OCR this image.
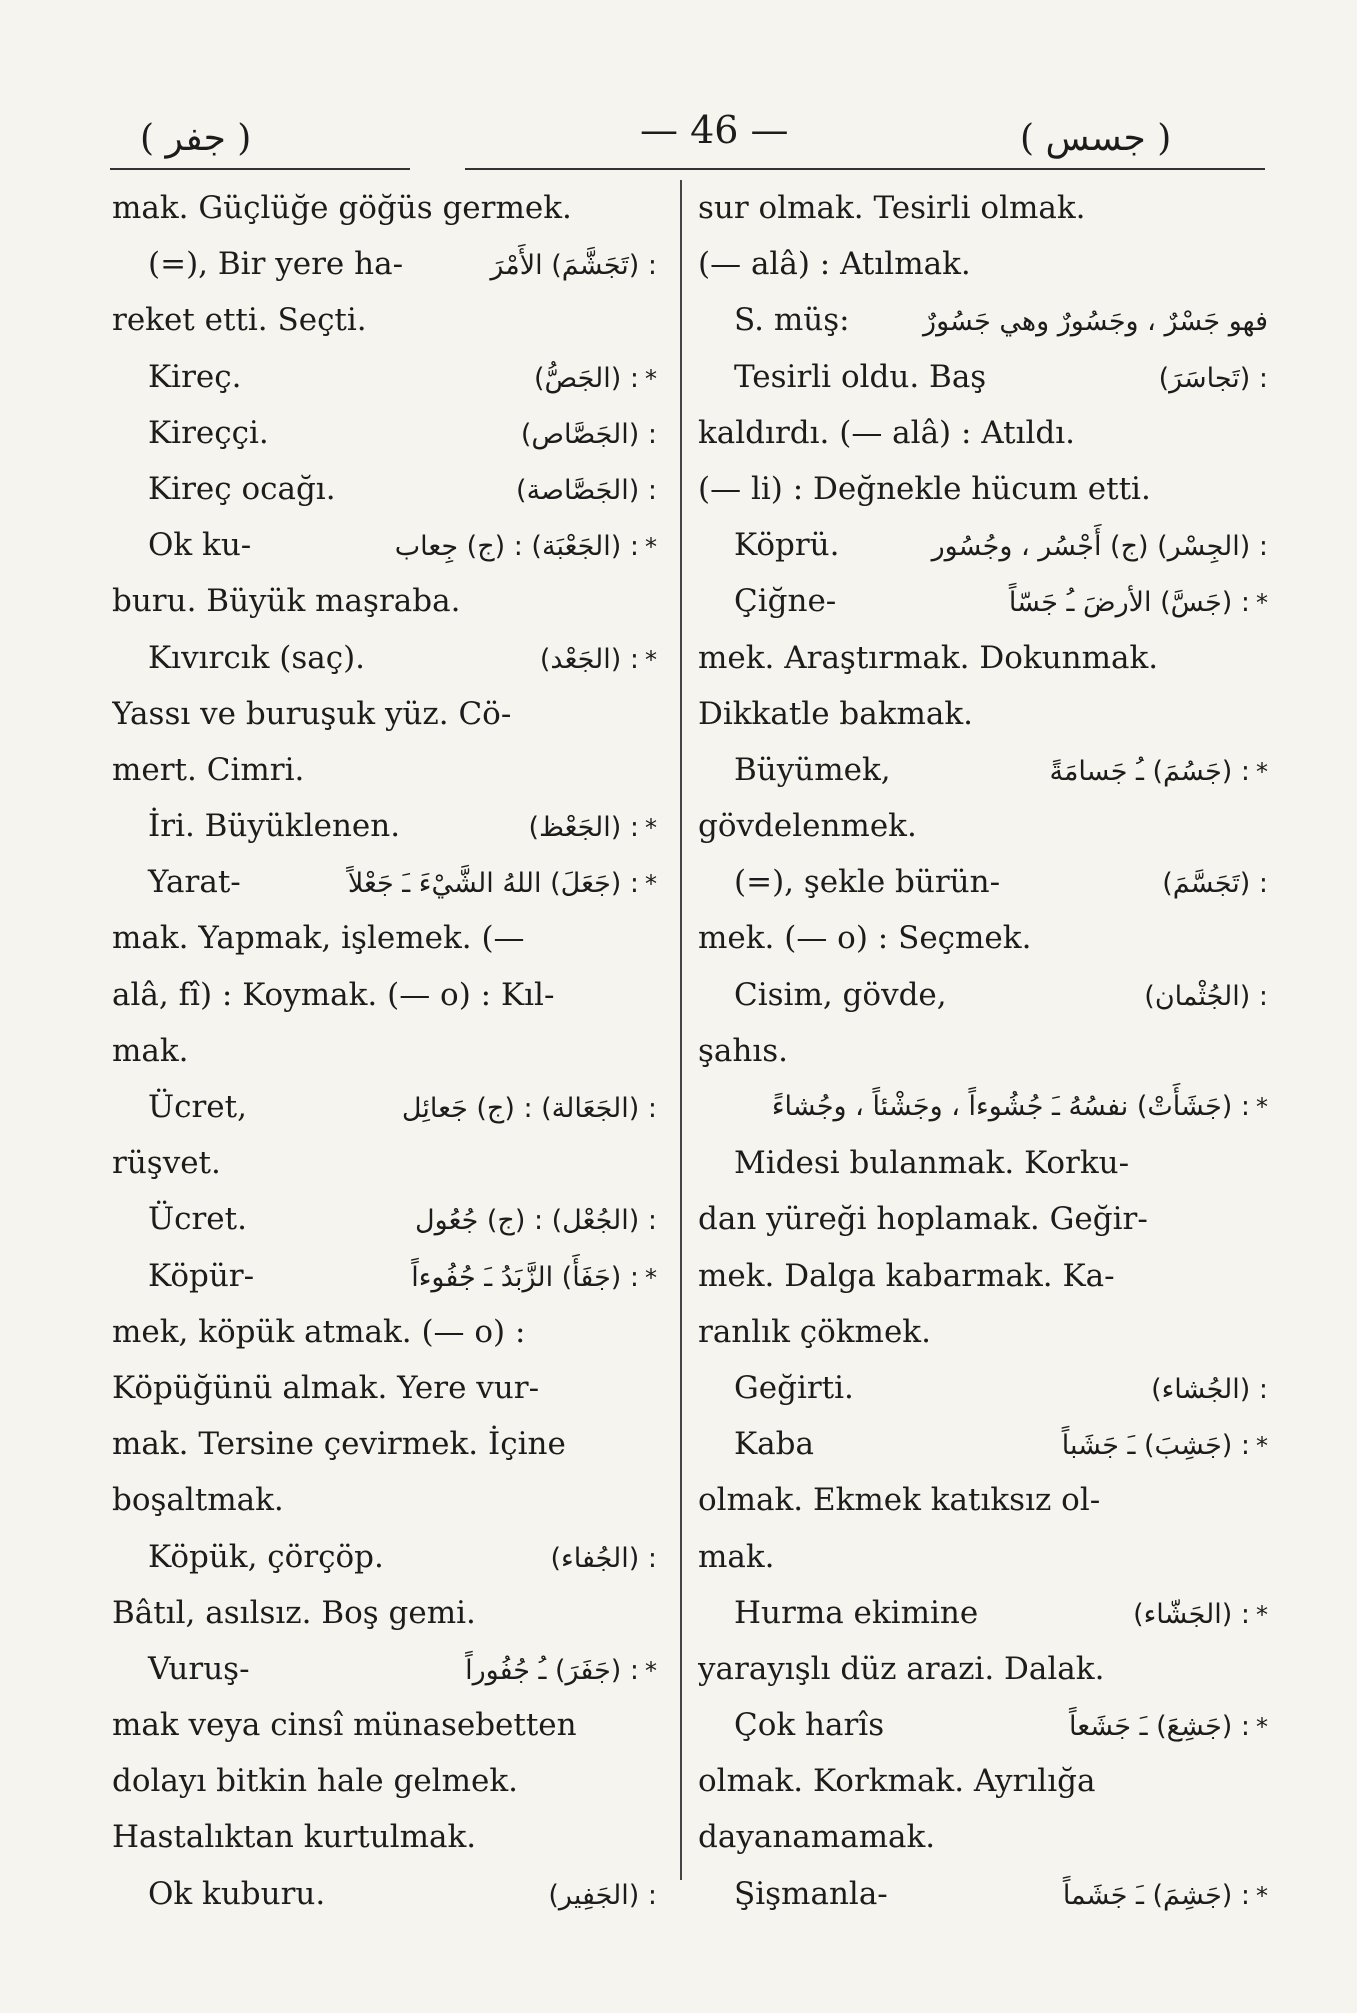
( جفر )	— 46 —	( جسس )
mak. Güçlüğe göğüs germek.
(=), Bir yere ha-	: (تَجَشَّمَ) الأَمْرَ
reket etti. Seçti.
Kireç.	: (الجَصُّ) *
Kireççi.	: (الجَصَّاص)
Kireç ocağı.	: (الجَصَّاصة)
Ok ku-	: (الجَعْبَة) : (ج) جِعاب *
buru. Büyük maşraba.
Kıvırcık (saç).	: (الجَعْد) *
Yassı ve buruşuk yüz. Cö-
mert. Cimri.
İri. Büyüklenen.	: (الجَعْظ) *
Yarat-	: (جَعَلَ) اللهُ الشَّيْءَ ـَ جَعْلاً *
mak. Yapmak, işlemek. (—
alâ, fî) : Koymak. (— o) : Kıl-
mak.
Ücret,	: (الجَعَالة) : (ج) جَعائِل
rüşvet.
Ücret.	: (الجُعْل) : (ج) جُعُول
Köpür-	: (جَفَأَ) الزَّبَدُ ـَ جُفُوءاً *
mek, köpük atmak. (— o) :
Köpüğünü almak. Yere vur-
mak. Tersine çevirmek. İçine
boşaltmak.
Köpük, çörçöp.	: (الجُفاء)
Bâtıl, asılsız. Boş gemi.
Vuruş-	: (جَفَرَ) ـُ جُفُوراً *
mak veya cinsî münasebetten
dolayı bitkin hale gelmek.
Hastalıktan kurtulmak.
Ok kuburu.	: (الجَفِير)
sur olmak. Tesirli olmak.
(— alâ) : Atılmak.
S. müş:	فهو جَسْرٌ ، وجَسُورٌ وهي جَسُورٌ
Tesirli oldu. Baş	: (تَجاسَرَ)
kaldırdı. (— alâ) : Atıldı.
(— li) : Değnekle hücum etti.
Köprü.	: (الجِسْر) (ج) أَجْسُر ، وجُسُور
Çiğne-	: (جَسَّ) الأرضَ ـُ جَسّاً *
mek. Araştırmak. Dokunmak.
Dikkatle bakmak.
Büyümek,	: (جَسُمَ) ـُ جَسامَةً *
gövdelenmek.
(=), şekle bürün-	: (تَجَسَّمَ)
mek. (— o) : Seçmek.
Cisim, gövde,	: (الجُثْمان)
şahıs.
: (جَشَأَتْ) نفسُهُ ـَ جُشُوءاً ، وجَشْئاً ، وجُشاءً *
Midesi bulanmak. Korku-
dan yüreği hoplamak. Geğir-
mek. Dalga kabarmak. Ka-
ranlık çökmek.
Geğirti.	: (الجُشاء)
Kaba	: (جَشِبَ) ـَ جَشَباً *
olmak. Ekmek katıksız ol-
mak.
Hurma ekimine	: (الجَشّاء) *
yarayışlı düz arazi. Dalak.
Çok harîs	: (جَشِعَ) ـَ جَشَعاً *
olmak. Korkmak. Ayrılığa
dayanamamak.
Şişmanla-	: (جَشِمَ) ـَ جَشَماً *
